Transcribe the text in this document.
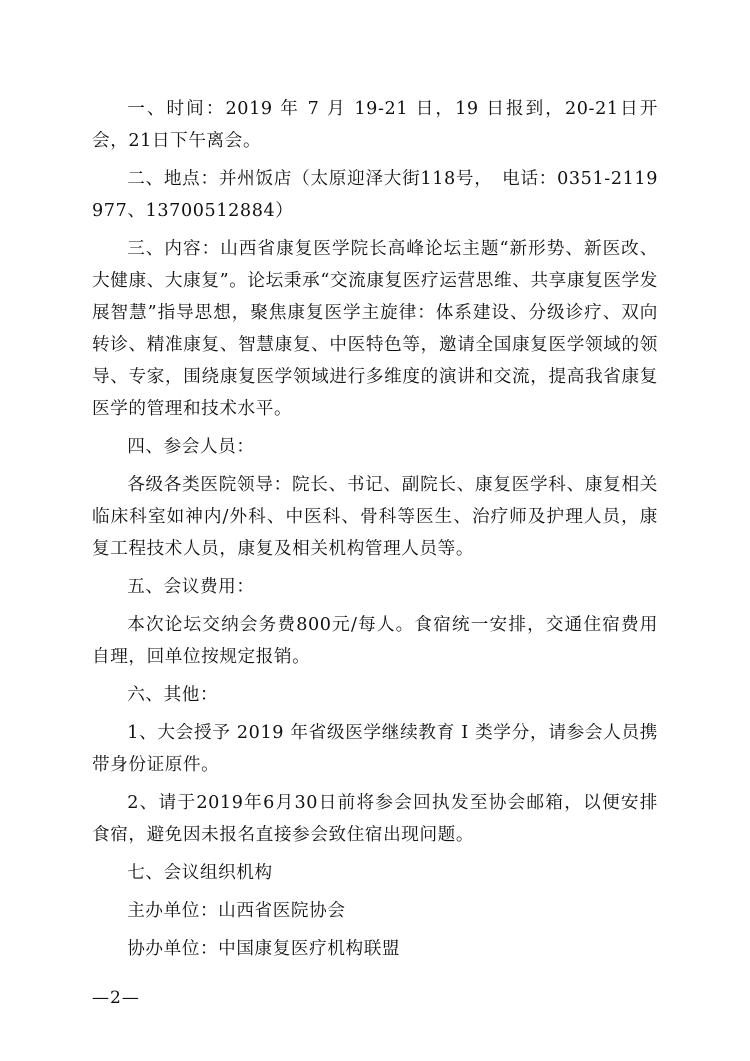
一、时间：2019 年 7 月 19-21 日，19 日报到，20-21日开会，21日下午离会。

二、地点：并州饭店（太原迎泽大街118号，　电话：0351-2119977、13700512884）

三、内容：山西省康复医学院长高峰论坛主题“新形势、新医改、大健康、大康复”。论坛秉承“交流康复医疗运营思维、共享康复医学发展智慧”指导思想，聚焦康复医学主旋律：体系建设、分级诊疗、双向转诊、精准康复、智慧康复、中医特色等，邀请全国康复医学领域的领导、专家，围绕康复医学领域进行多维度的演讲和交流，提高我省康复医学的管理和技术水平。

四、参会人员：

各级各类医院领导：院长、书记、副院长、康复医学科、康复相关临床科室如神内/外科、中医科、骨科等医生、治疗师及护理人员，康复工程技术人员，康复及相关机构管理人员等。

五、会议费用：

本次论坛交纳会务费800元/每人。食宿统一安排，交通住宿费用自理，回单位按规定报销。

六、其他：

1、大会授予 2019 年省级医学继续教育 I 类学分，请参会人员携带身份证原件。

2、请于2019年6月30日前将参会回执发至协会邮箱，以便安排食宿，避免因未报名直接参会致住宿出现问题。

七、会议组织机构

主办单位：山西省医院协会

协办单位：中国康复医疗机构联盟

—2—
